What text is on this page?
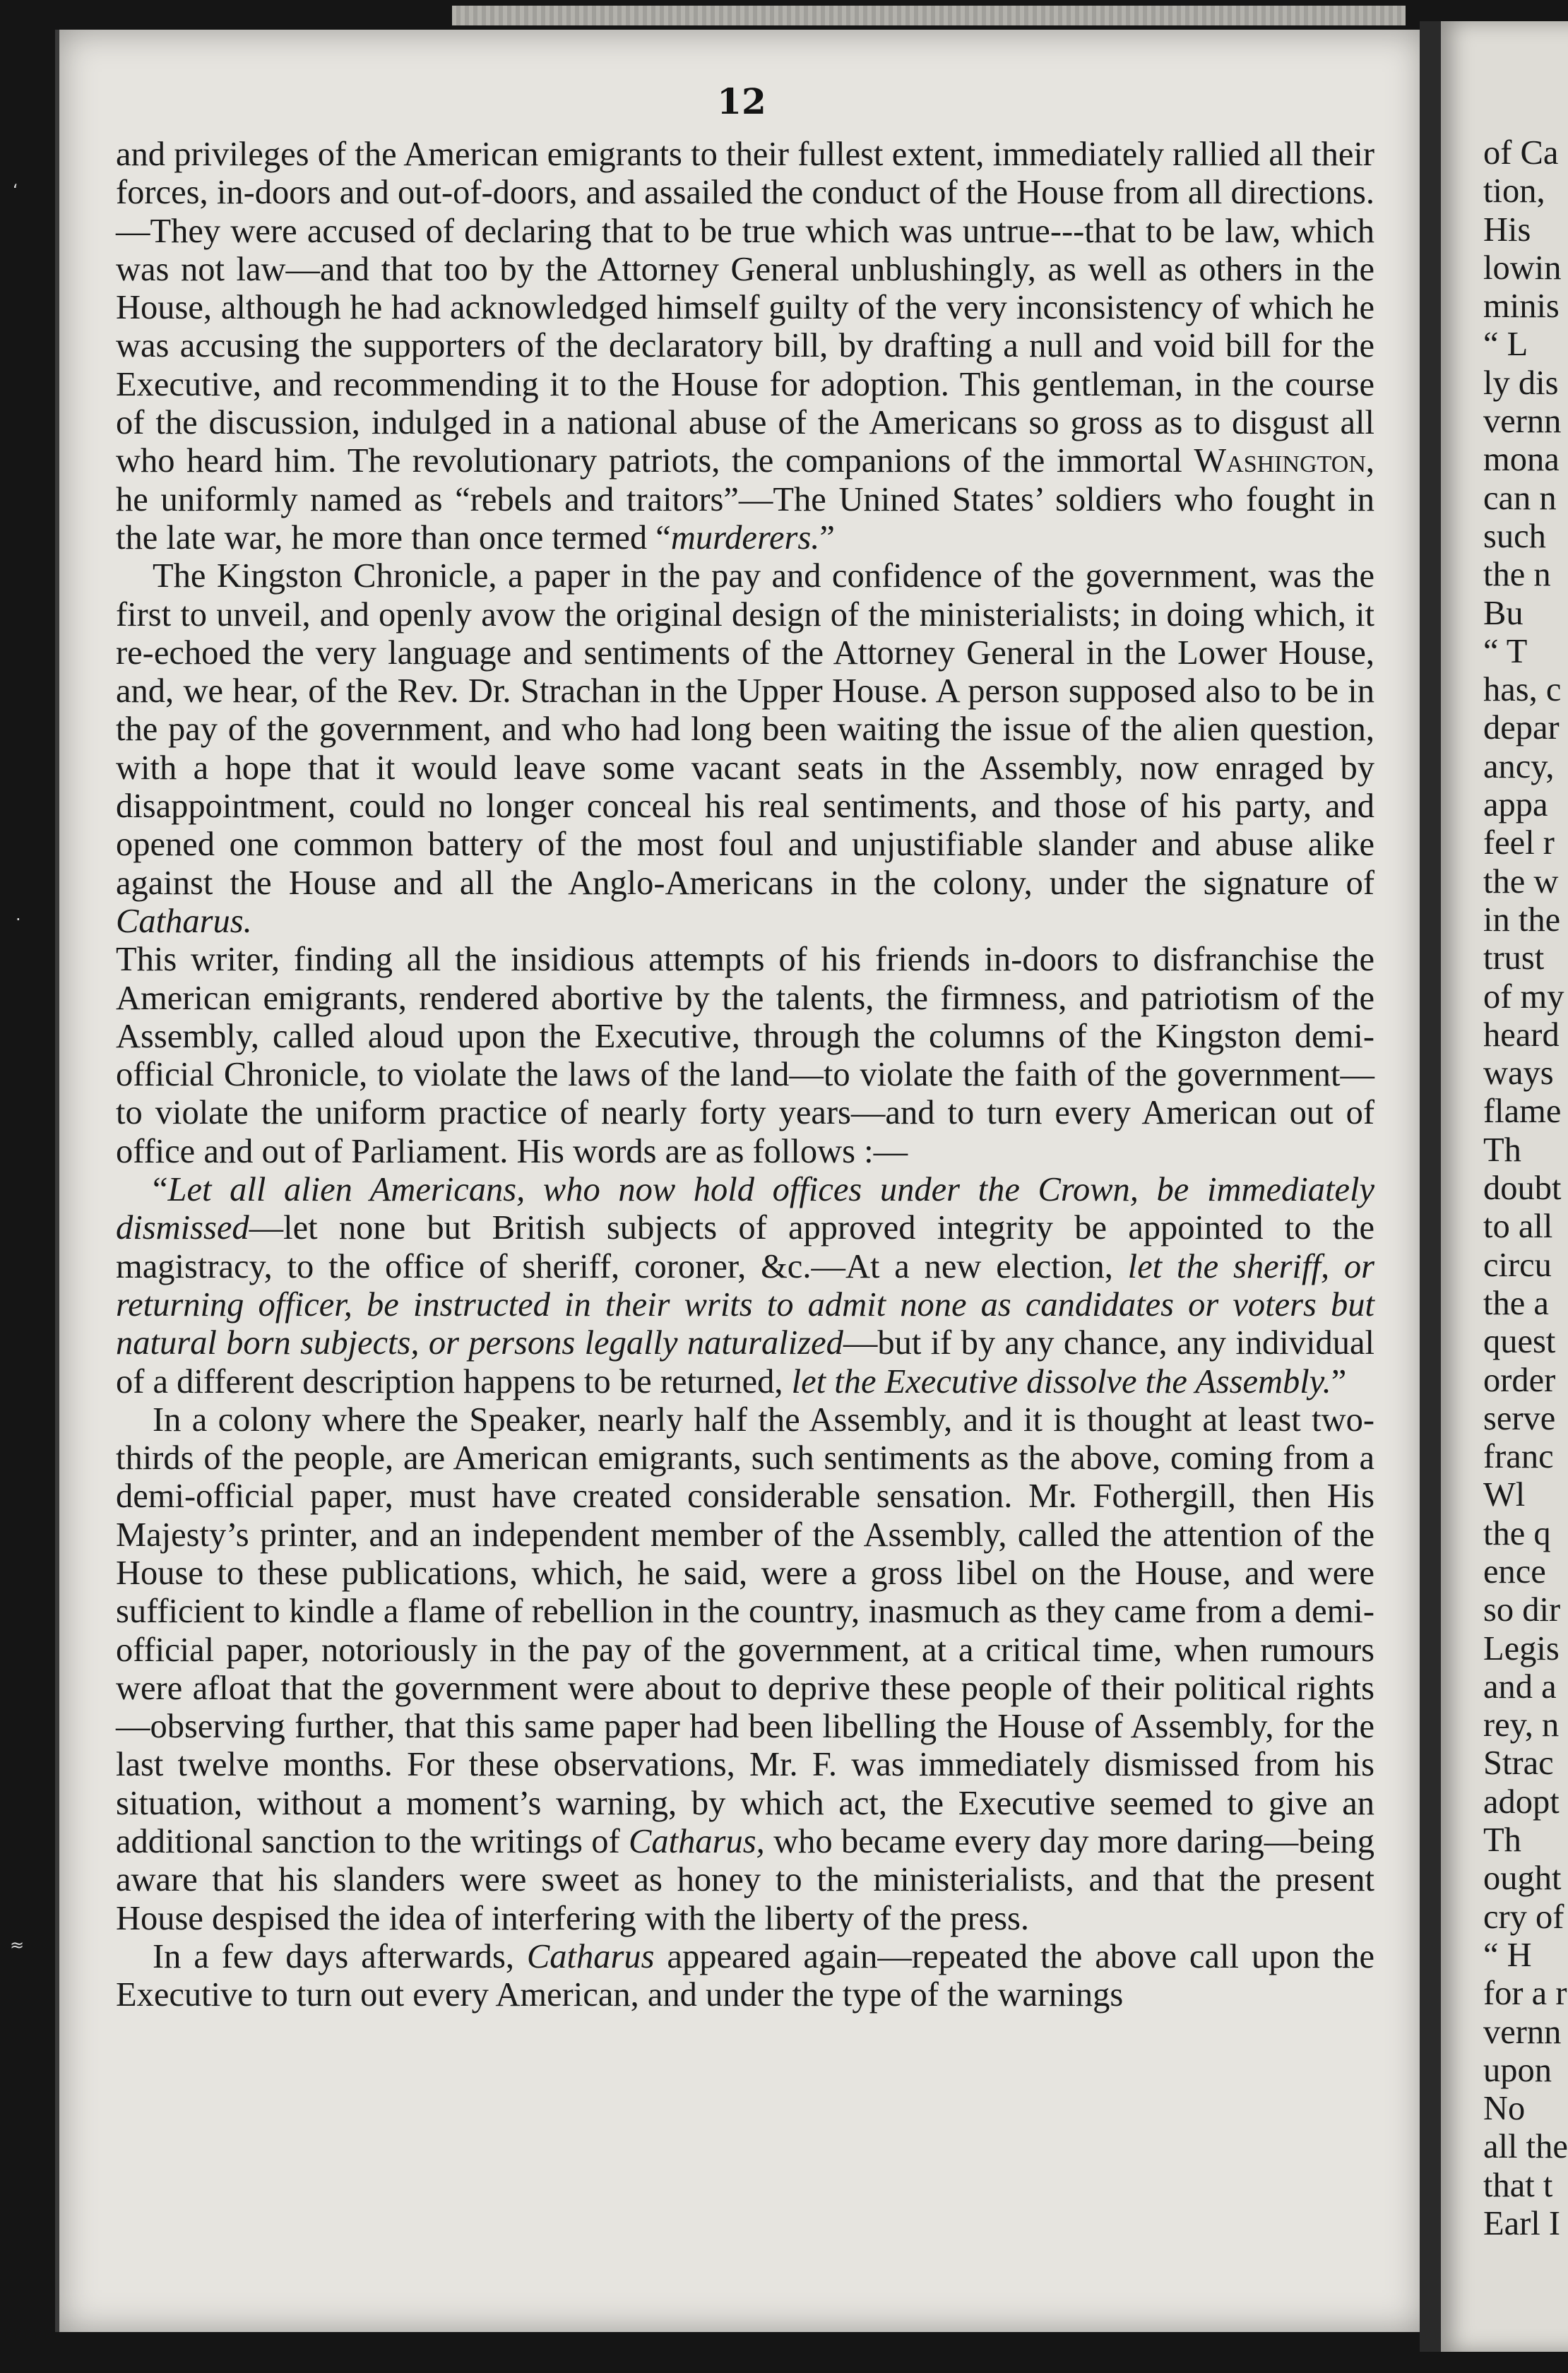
12

and privileges of the American emigrants to their fullest extent, immediately rallied all their forces, in-doors and out-of-doors, and assailed the conduct of the House from all directions.—They were accused of declaring that to be true which was untrue---that to be law, which was not law—and that too by the Attorney General unblushingly, as well as others in the House, although he had acknowledged himself guilty of the very inconsistency of which he was accusing the supporters of the declaratory bill, by drafting a null and void bill for the Executive, and recommending it to the House for adoption. This gentleman, in the course of the discussion, indulged in a national abuse of the Americans so gross as to disgust all who heard him. The revolutionary patriots, the companions of the immortal Washington, he uniformly named as “rebels and traitors”—The Unined States’ soldiers who fought in the late war, he more than once termed “murderers.”

The Kingston Chronicle, a paper in the pay and confidence of the government, was the first to unveil, and openly avow the original design of the ministerialists; in doing which, it re-echoed the very language and sentiments of the Attorney General in the Lower House, and, we hear, of the Rev. Dr. Strachan in the Upper House. A person supposed also to be in the pay of the government, and who had long been waiting the issue of the alien question, with a hope that it would leave some vacant seats in the Assembly, now enraged by disappointment, could no longer conceal his real sentiments, and those of his party, and opened one common battery of the most foul and unjustifiable slander and abuse alike against the House and all the Anglo-Americans in the colony, under the signature of Catharus.

This writer, finding all the insidious attempts of his friends in-doors to disfranchise the American emigrants, rendered abortive by the talents, the firmness, and patriotism of the Assembly, called aloud upon the Executive, through the columns of the Kingston demi-official Chronicle, to violate the laws of the land—to violate the faith of the government—to violate the uniform practice of nearly forty years—and to turn every American out of office and out of Parliament. His words are as follows :—

“Let all alien Americans, who now hold offices under the Crown, be immediately dismissed—let none but British subjects of approved integrity be appointed to the magistracy, to the office of sheriff, coroner, &c.—At a new election, let the sheriff, or returning officer, be instructed in their writs to admit none as candidates or voters but natural born subjects, or persons legally naturalized—but if by any chance, any individual of a different description happens to be returned, let the Executive dissolve the Assembly.”

In a colony where the Speaker, nearly half the Assembly, and it is thought at least two-thirds of the people, are American emigrants, such sentiments as the above, coming from a demi-official paper, must have created considerable sensation. Mr. Fothergill, then His Majesty’s printer, and an independent member of the Assembly, called the attention of the House to these publications, which, he said, were a gross libel on the House, and were sufficient to kindle a flame of rebellion in the country, inasmuch as they came from a demi-official paper, notoriously in the pay of the government, at a critical time, when rumours were afloat that the government were about to deprive these people of their political rights—observing further, that this same paper had been libelling the House of Assembly, for the last twelve months. For these observations, Mr. F. was immediately dismissed from his situation, without a moment’s warning, by which act, the Executive seemed to give an additional sanction to the writings of Catharus, who became every day more daring—being aware that his slanders were sweet as honey to the ministerialists, and that the present House despised the idea of interfering with the liberty of the press.

In a few days afterwards, Catharus appeared again—repeated the above call upon the Executive to turn out every American, and under the type of the warnings

of Ca
tion,
His
lowin
minis
“ L
ly dis
vernn
mona
can n
such
the n
Bu
“ T
has, c
depar
ancy,
appa
feel r
the w
in the
trust
of my
heard
ways
flame
Th
doubt
to all
circu
the a
quest
order
serve
franc
Wl
the q
ence
so dir
Legis
and a
rey, n
Strac
adopt
Th
ought
cry of
“ H
for a r
vernn
upon
No
all the
that t
Earl I
ʻ
·
≈
